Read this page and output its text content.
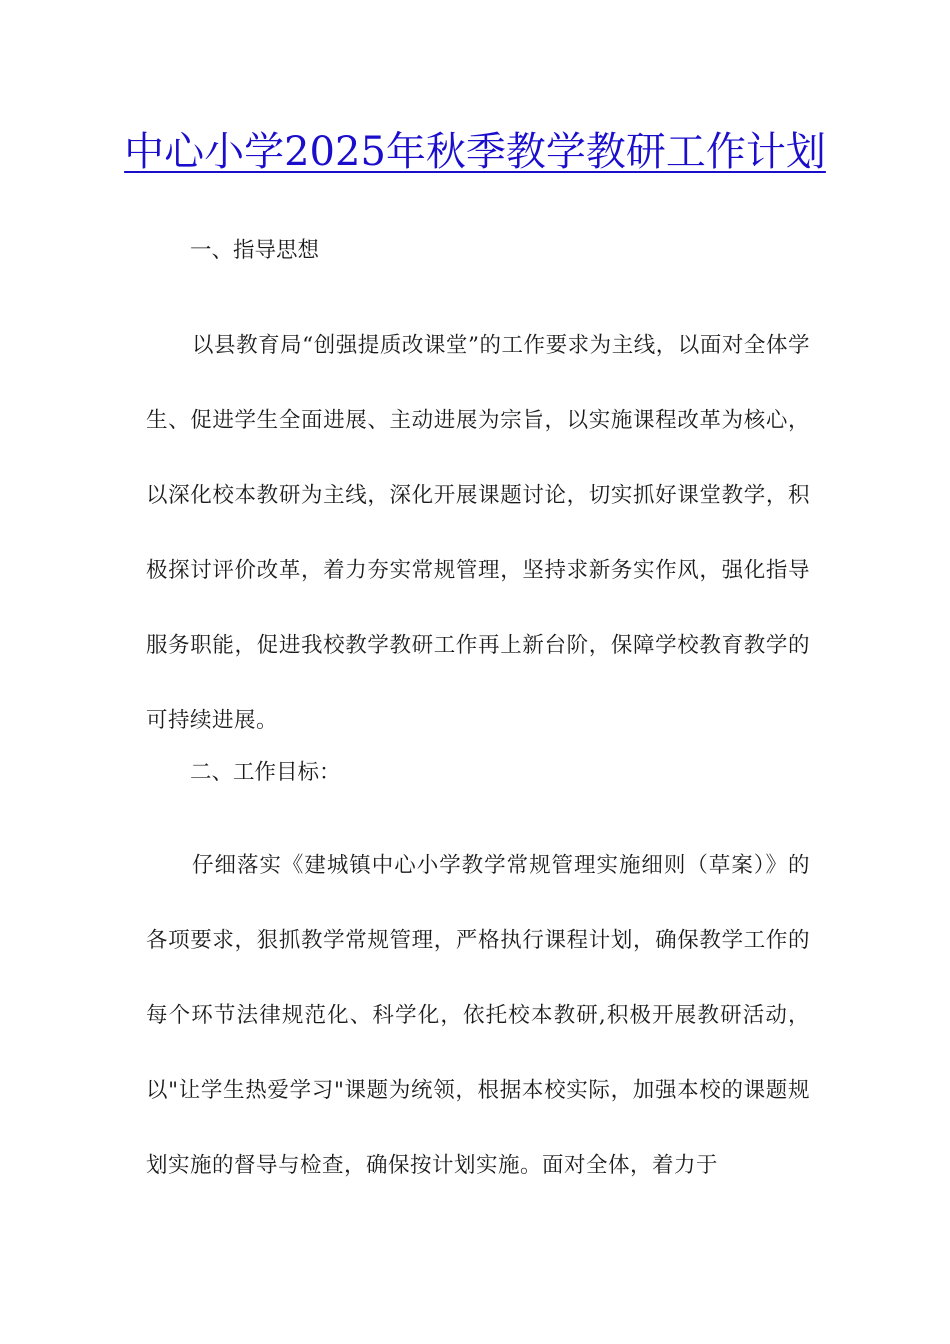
中心小学2025年秋季教学教研工作计划
一、指导思想

以县教育局“创强提质改课堂”的工作要求为主线，以面对全体学生、促进学生全面进展、主动进展为宗旨，以实施课程改革为核心，以深化校本教研为主线，深化开展课题讨论，切实抓好课堂教学，积极探讨评价改革，着力夯实常规管理，坚持求新务实作风，强化指导服务职能，促进我校教学教研工作再上新台阶，保障学校教育教学的可持续进展。

二、工作目标：

仔细落实《建城镇中心小学教学常规管理实施细则（草案）》的各项要求，狠抓教学常规管理，严格执行课程计划，确保教学工作的每个环节法律规范化、科学化，依托校本教研,积极开展教研活动，以"让学生热爱学习"课题为统领，根据本校实际，加强本校的课题规划实施的督导与检查，确保按计划实施。面对全体，着力于
